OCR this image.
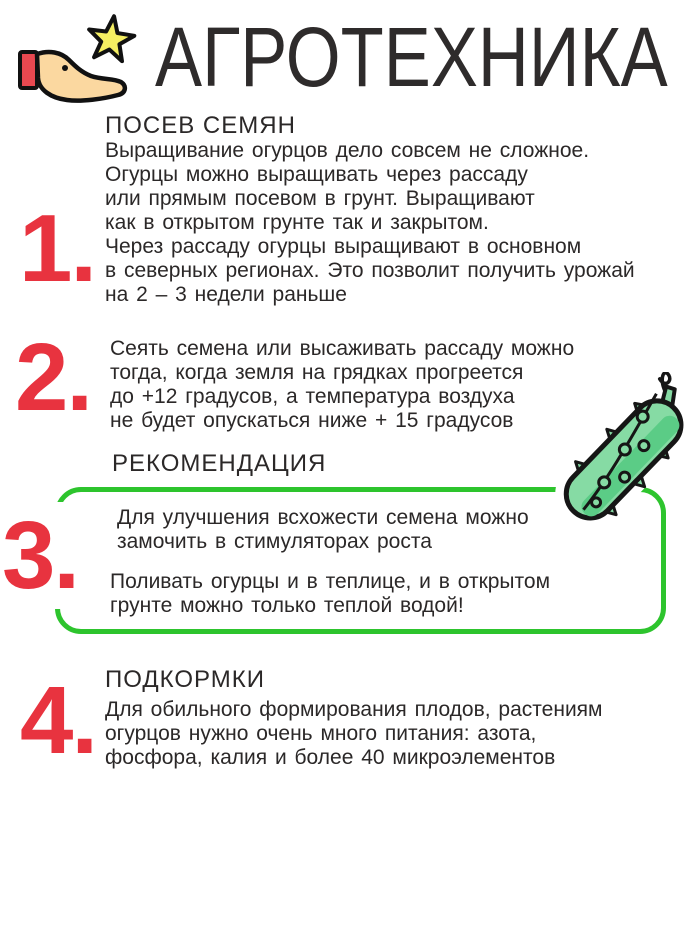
АГРОТЕХНИКА
1.
ПОСЕВ СЕМЯН
Выращивание огурцов дело совсем не сложное.
Огурцы можно выращивать через рассаду
или прямым посевом в грунт. Выращивают
как в открытом грунте так и закрытом.
Через рассаду огурцы выращивают в основном
в северных регионах. Это позволит получить урожай
на 2 – 3 недели раньше
2. Сеять семена или высаживать рассаду можно
тогда, когда земля на грядках прогреется
до +12 градусов, а температура воздуха
не будет опускаться ниже + 15 градусов
РЕКОМЕНДАЦИЯ
3.	Для улучшения всхожести семена можно
замочить в стимуляторах роста
Поливать огурцы и в теплице, и в открытом
грунте можно только теплой водой!
4. ПОДКОРМКИ
Для обильного формирования плодов, растениям
огурцов нужно очень много питания: азота,
фосфора, калия и более 40 микроэлементов
